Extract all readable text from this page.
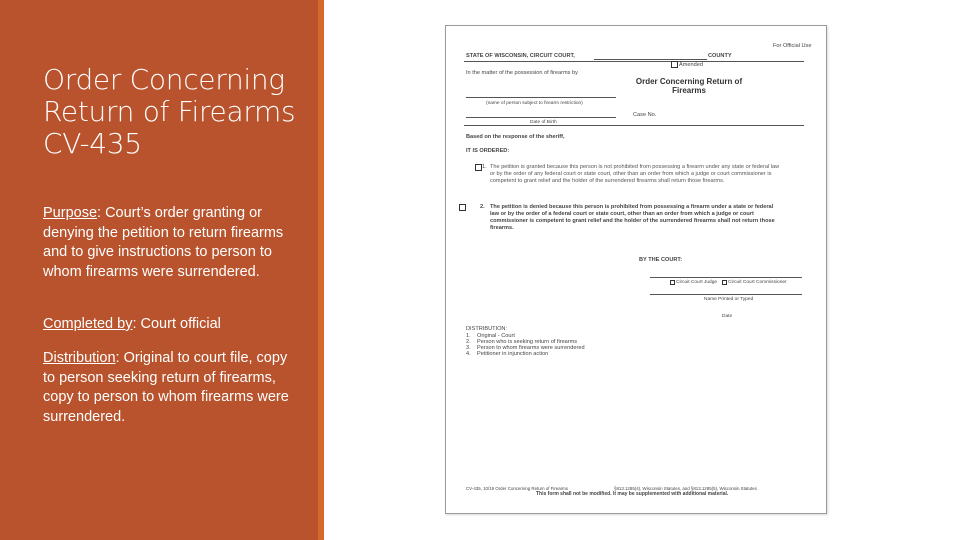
Order Concerning Return of Firearms CV-435
Purpose: Court’s order granting or denying the petition to return firearms and to give instructions to person to whom firearms were surrendered.
Completed by: Court official
Distribution: Original to court file, copy to person seeking return of firearms, copy to person to whom firearms were surrendered.
For Official Use
STATE OF WISCONSIN, CIRCUIT COURT,	COUNTY
Amended
In the matter of the possession of firearms by
(name of person subject to firearm restriction)
Order Concerning Return of Firearms
Case No.
Date of Birth
Based on the response of the sheriff,
IT IS ORDERED:
1. The petition is granted because this person is not prohibited from possessing a firearm under any state or federal law or by the order of any federal court or state court, other than an order from which a judge or court commissioner is competent to grant relief and the holder of the surrendered firearms shall return those firearms.
2. The petition is denied because this person is prohibited from possessing a firearm under a state or federal law or by the order of a federal court or state court, other than an order from which a judge or court commissioner is competent to grant relief and the holder of the surrendered firearms shall not return those firearms.
BY THE COURT:
Circuit Court Judge Circuit Court Commissioner
Name Printed or Typed
Date
DISTRIBUTION:
1. Original - Court
2. Person who is seeking return of firearms
3. Person to whom firearms were surrendered
4. Petitioner in injunction action
CV-435, 10/19 Order Concerning Return of Firearms	§813.1285(4), Wisconsin Statutes, and §813.1285(5), Wisconsin Statutes
This form shall not be modified. It may be supplemented with additional material.
